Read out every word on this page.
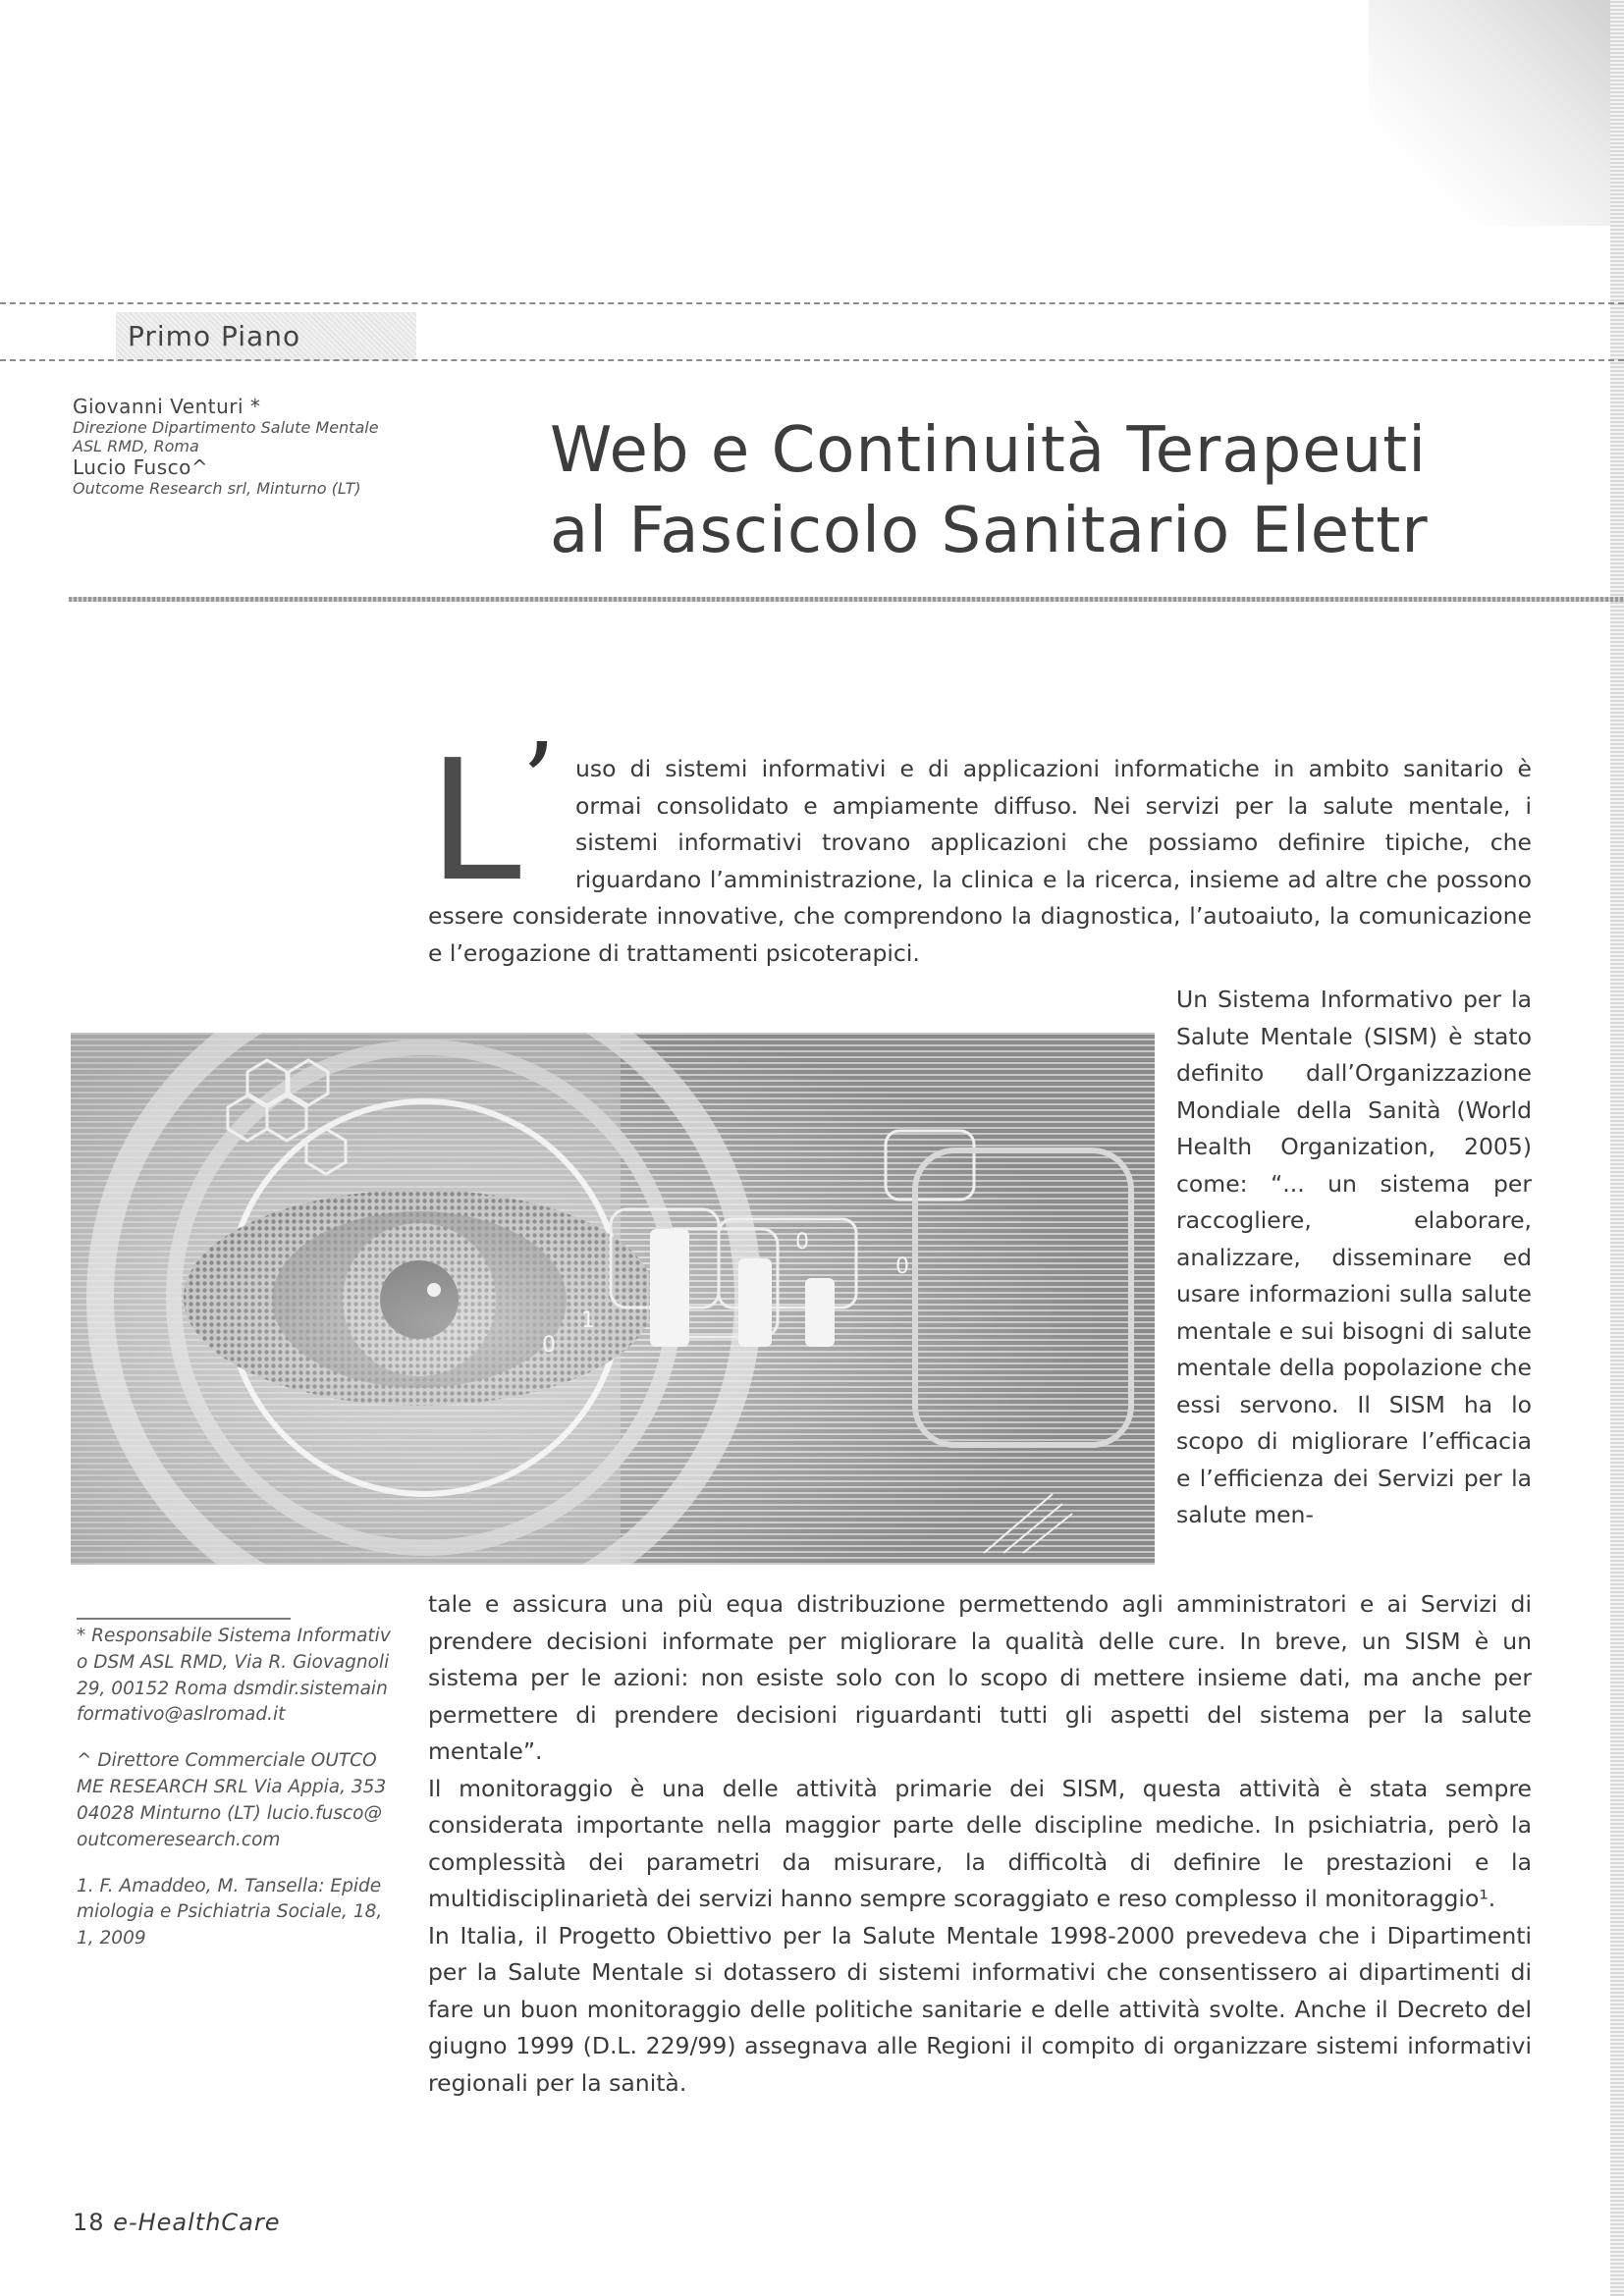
Primo Piano
Giovanni Venturi *
Direzione Dipartimento Salute Mentale ASL RMD, Roma
Lucio Fusco^
Outcome Research srl, Minturno (LT)
Web e Continuità Terapeuti
al Fascicolo Sanitario Elettr
L ’ uso di sistemi informativi e di applicazioni informatiche in ambito sanitario è ormai consolidato e ampiamente diffuso. Nei servizi per la salute mentale, i sistemi informativi trovano applicazioni che possiamo definire tipiche, che riguardano l’amministrazione, la clinica e la ricerca, insieme ad altre che possono essere considerate innovative, che comprendono la diagnostica, l’autoaiuto, la comunicazione e l’erogazione di trattamenti psicoterapici.
0
0
0
1
Un Sistema Informativo per la Salute Mentale (SISM) è stato definito dall’Organizzazione Mondiale della Sanità (World Health Organization, 2005) come: “... un sistema per raccogliere, elaborare, analizzare, disseminare ed usare informazioni sulla salute mentale e sui bisogni di salute mentale della popolazione che essi servono. Il SISM ha lo scopo di migliorare l’efficacia e l’efficienza dei Servizi per la salute men-

tale e assicura una più equa distribuzione permettendo agli amministratori e ai Servizi di prendere decisioni informate per migliorare la qualità delle cure. In breve, un SISM è un sistema per le azioni: non esiste solo con lo scopo di mettere insieme dati, ma anche per permettere di prendere decisioni riguardanti tutti gli aspetti del sistema per la salute mentale”.

Il monitoraggio è una delle attività primarie dei SISM, questa attività è stata sempre considerata importante nella maggior parte delle discipline mediche. In psichiatria, però la complessità dei parametri da misurare, la difficoltà di definire le prestazioni e la multidisciplinarietà dei servizi hanno sempre scoraggiato e reso complesso il monitoraggio¹.

In Italia, il Progetto Obiettivo per la Salute Mentale 1998-2000 prevedeva che i Dipartimenti per la Salute Mentale si dotassero di sistemi informativi che consentissero ai dipartimenti di fare un buon monitoraggio delle politiche sanitarie e delle attività svolte. Anche il Decreto del giugno 1999 (D.L. 229/99) assegnava alle Regioni il compito di organizzare sistemi informativi regionali per la sanità.

* Responsabile Sistema Informativo DSM ASL RMD, Via R. Giovagnoli 29, 00152 Roma dsmdir.sistemainformativo@aslromad.it

^ Direttore Commerciale OUTCOME RESEARCH SRL Via Appia, 353 04028 Minturno (LT) lucio.fusco@outcomeresearch.com

1. F. Amaddeo, M. Tansella: Epidemiologia e Psichiatria Sociale, 18, 1, 2009

18 e-HealthCare
